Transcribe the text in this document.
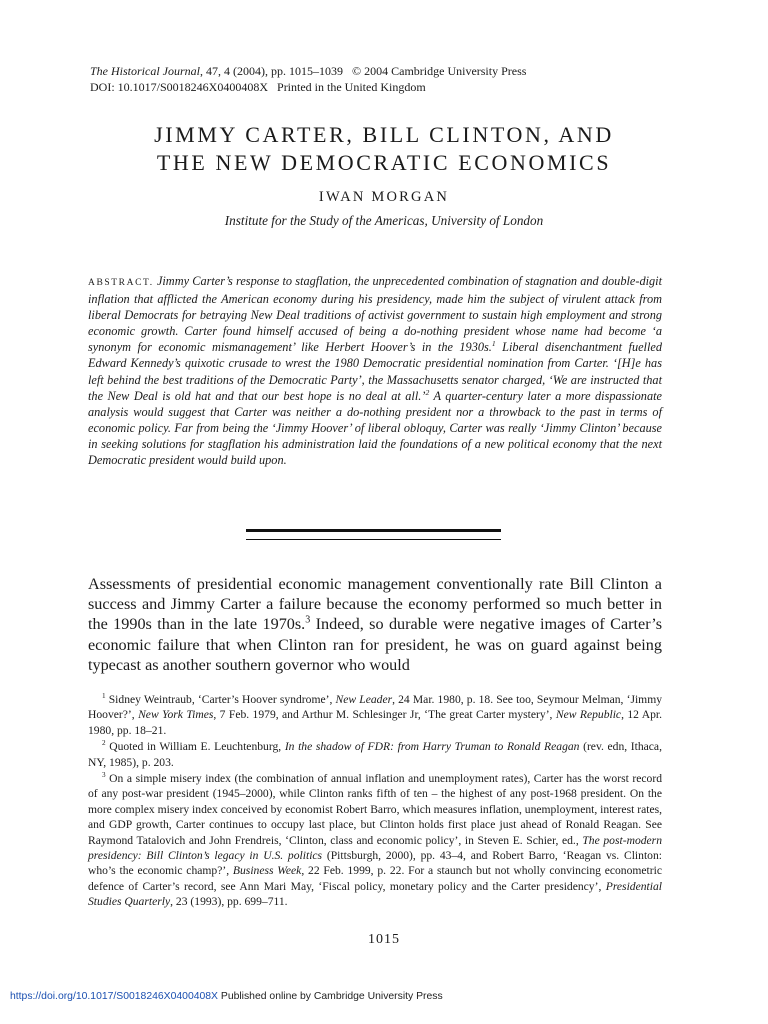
The Historical Journal, 47, 4 (2004), pp. 1015–1039 © 2004 Cambridge University Press
DOI: 10.1017/S0018246X0400408X Printed in the United Kingdom
JIMMY CARTER, BILL CLINTON, AND
THE NEW DEMOCRATIC ECONOMICS
IWAN MORGAN
Institute for the Study of the Americas, University of London
ABSTRACT. Jimmy Carter’s response to stagflation, the unprecedented combination of stagnation and double-digit inflation that afflicted the American economy during his presidency, made him the subject of virulent attack from liberal Democrats for betraying New Deal traditions of activist government to sustain high employment and strong economic growth. Carter found himself accused of being a do-nothing president whose name had become ‘a synonym for economic mismanagement’ like Herbert Hoover’s in the 1930s.$^1$ Liberal disenchantment fuelled Edward Kennedy’s quixotic crusade to wrest the 1980 Democratic presidential nomination from Carter. ‘[H]e has left behind the best traditions of the Democratic Party’, the Massachusetts senator charged, ‘We are instructed that the New Deal is old hat and that our best hope is no deal at all.’$^2$ A quarter-century later a more dispassionate analysis would suggest that Carter was neither a do-nothing president nor a throwback to the past in terms of economic policy. Far from being the ‘Jimmy Hoover’ of liberal obloquy, Carter was really ‘Jimmy Clinton’ because in seeking solutions for stagflation his administration laid the foundations of a new political economy that the next Democratic president would build upon.

Assessments of presidential economic management conventionally rate Bill Clinton a success and Jimmy Carter a failure because the economy performed so much better in the 1990s than in the late 1970s.$^3$ Indeed, so durable were negative images of Carter’s economic failure that when Clinton ran for president, he was on guard against being typecast as another southern governor who would

$^1$ Sidney Weintraub, ‘Carter’s Hoover syndrome’, New Leader, 24 Mar. 1980, p. 18. See too, Seymour Melman, ‘Jimmy Hoover?’, New York Times, 7 Feb. 1979, and Arthur M. Schlesinger Jr, ‘The great Carter mystery’, New Republic, 12 Apr. 1980, pp. 18–21.

$^2$ Quoted in William E. Leuchtenburg, In the shadow of FDR: from Harry Truman to Ronald Reagan (rev. edn, Ithaca, NY, 1985), p. 203.

$^3$ On a simple misery index (the combination of annual inflation and unemployment rates), Carter has the worst record of any post-war president (1945–2000), while Clinton ranks fifth of ten – the highest of any post-1968 president. On the more complex misery index conceived by economist Robert Barro, which measures inflation, unemployment, interest rates, and GDP growth, Carter continues to occupy last place, but Clinton holds first place just ahead of Ronald Reagan. See Raymond Tatalovich and John Frendreis, ‘Clinton, class and economic policy’, in Steven E. Schier, ed., The post-modern presidency: Bill Clinton’s legacy in U.S. politics (Pittsburgh, 2000), pp. 43–4, and Robert Barro, ‘Reagan vs. Clinton: who’s the economic champ?’, Business Week, 22 Feb. 1999, p. 22. For a staunch but not wholly convincing econometric defence of Carter’s record, see Ann Mari May, ‘Fiscal policy, monetary policy and the Carter presidency’, Presidential Studies Quarterly, 23 (1993), pp. 699–711.

1015
https://doi.org/10.1017/S0018246X0400408X Published online by Cambridge University Press
